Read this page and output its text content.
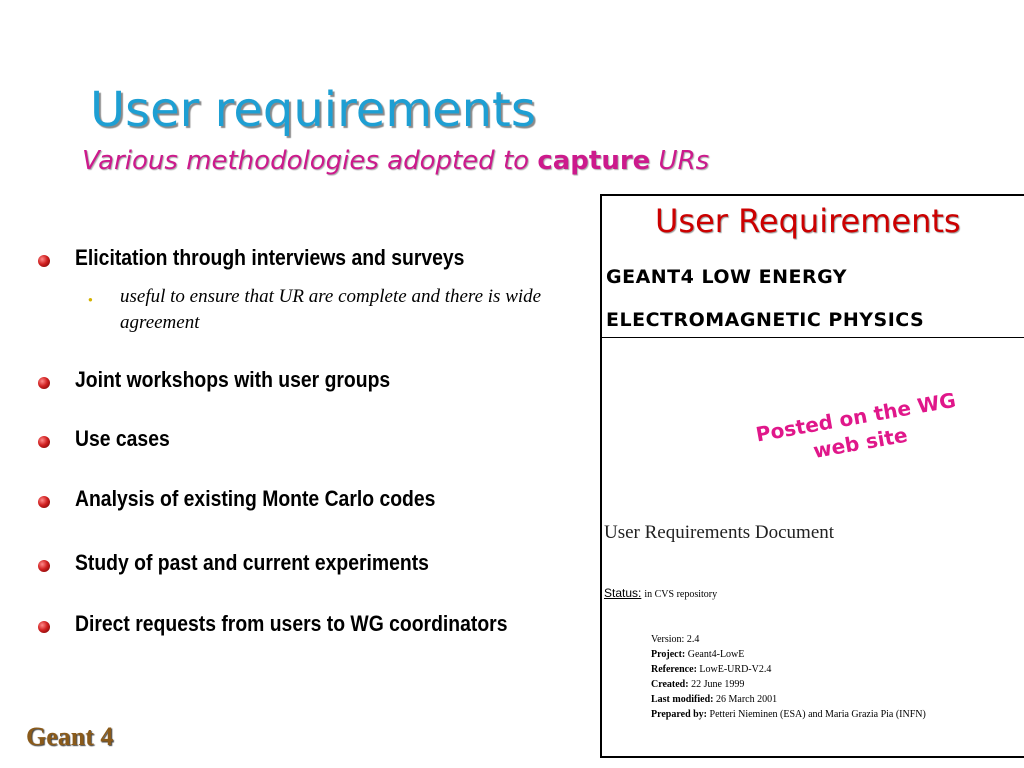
User requirements
Various methodologies adopted to capture URs
Elicitation through interviews and surveys
● useful to ensure that UR are complete and there is wide agreement
Joint workshops with user groups
Use cases
Analysis of existing Monte Carlo codes
Study of past and current experiments
Direct requests from users to WG coordinators
User Requirements
GEANT4 LOW ENERGY
ELECTROMAGNETIC PHYSICS
Posted on the WG web site
User Requirements Document
Status: in CVS repository
Version: 2.4
Project: Geant4-LowE
Reference: LowE-URD-V2.4
Created: 22 June 1999
Last modified: 26 March 2001
Prepared by: Petteri Nieminen (ESA) and Maria Grazia Pia (INFN)
Geant 4
